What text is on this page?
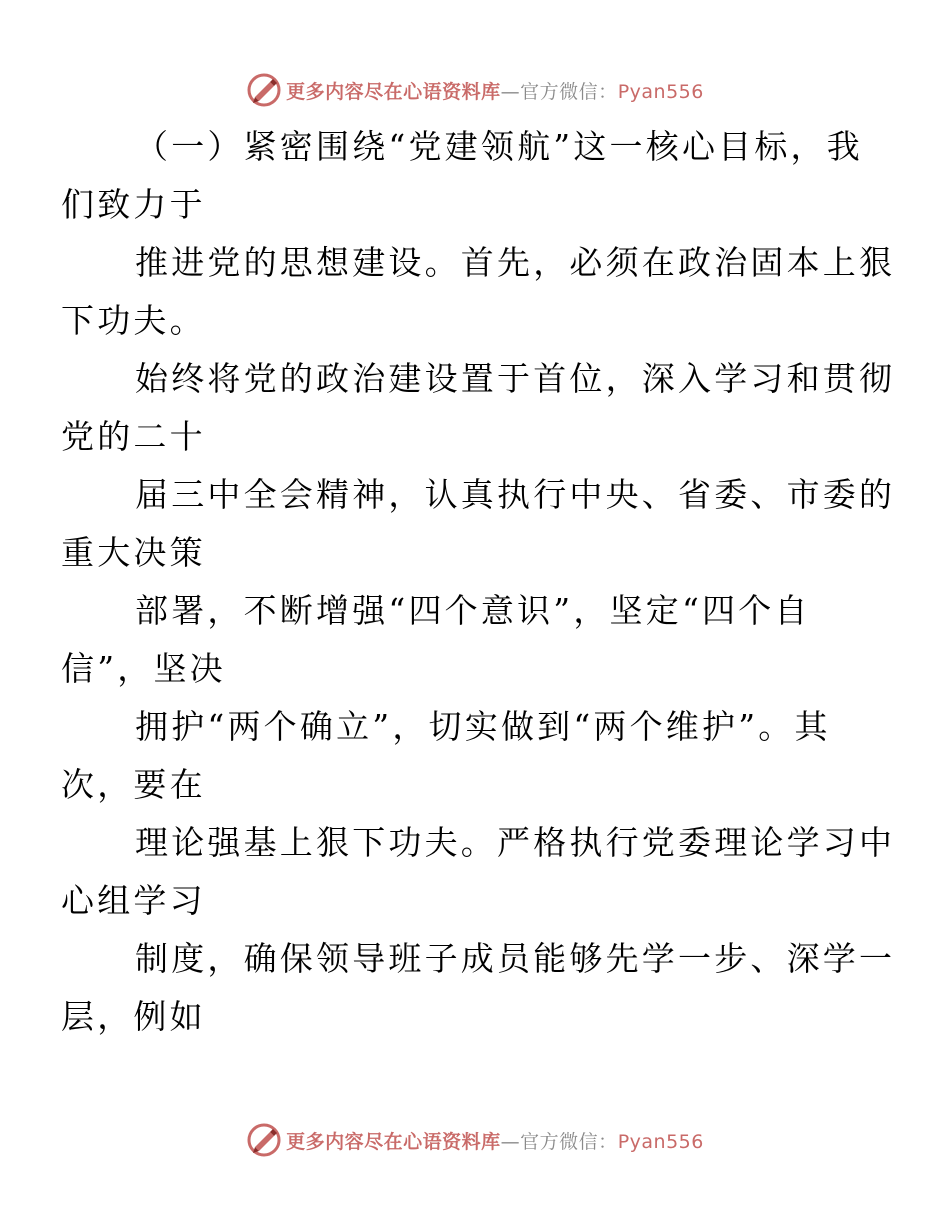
更多内容尽在心语资料库—官方微信：Pyan556

（一）紧密围绕“党建领航”这一核心目标，我
们致力于

推进党的思想建设。首先，必须在政治固本上狠
下功夫。

始终将党的政治建设置于首位，深入学习和贯彻
党的二十

届三中全会精神，认真执行中央、省委、市委的
重大决策

部署，不断增强“四个意识”，坚定“四个自
信”，坚决

拥护“两个确立”，切实做到“两个维护”。其
次，要在

理论强基上狠下功夫。严格执行党委理论学习中
心组学习

制度，确保领导班子成员能够先学一步、深学一
层，例如

更多内容尽在心语资料库—官方微信：Pyan556
